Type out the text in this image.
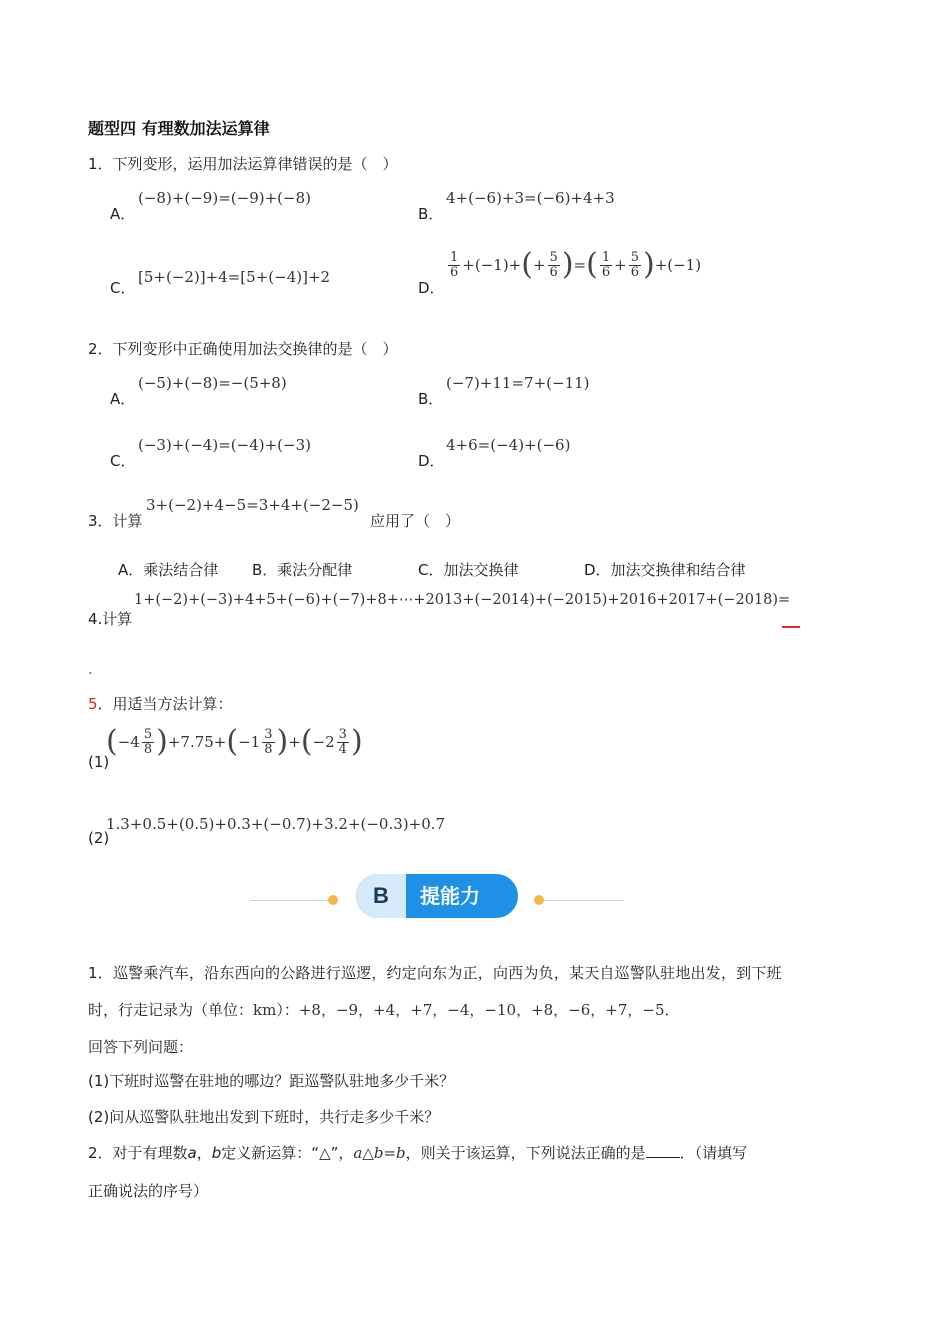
题型四 有理数加法运算律
1．下列变形，运用加法运算律错误的是（　）
A．
(−8)+(−9)=(−9)+(−8)
B．
4+(−6)+3=(−6)+4+3
C．
[5+(−2)]+4=[5+(−4)]+2
D．
$\frac{1}{6} +(-1)+(+ \frac{5}{6}$ )=( $\frac{1}{6} + \frac{5}{6} )+(-1)$
2．下列变形中正确使用加法交换律的是（　）
A．
(−5)+(−8)=−(5+8)
B．
(−7)+11=7+(−11)
C．
(−3)+(−4)=(−4)+(−3)
D．
4+6=(−4)+(−6)
3．计算
3+(−2)+4−5=3+4+(−2−5)
应用了（　）
A．乘法结合律 B．乘法分配律	C．加法交换律	D．加法交换律和结合律
4.计算
1+(−2)+(−3)+4+5+(−6)+(−7)+8+⋯+2013+(−2014)+(−2015)+2016+2017+(−2018)=
.
5．用适当方法计算：
(1)
$(-4 \frac{5}{8} )+7.75+(-1 \frac{3}{8} )+(-2 \frac{3}{4}$ )
(2)
1.3+0.5+(0.5)+0.3+(−0.7)+3.2+(−0.3)+0.7
B	提能力
1．巡警乘汽车，沿东西向的公路进行巡逻，约定向东为正，向西为负，某天自巡警队驻地出发，到下班
时，行走记录为（单位：km）：+8，−9，+4，+7，−4，−10，+8，−6，+7，−5．
回答下列问题：
(1)下班时巡警在驻地的哪边？距巡警队驻地多少千米？
(2)问从巡警队驻地出发到下班时，共行走多少千米？
2．对于有理数a，b定义新运算：“△”，a△b=b，则关于该运算，下列说法正确的是 ．（请填写
正确说法的序号）
